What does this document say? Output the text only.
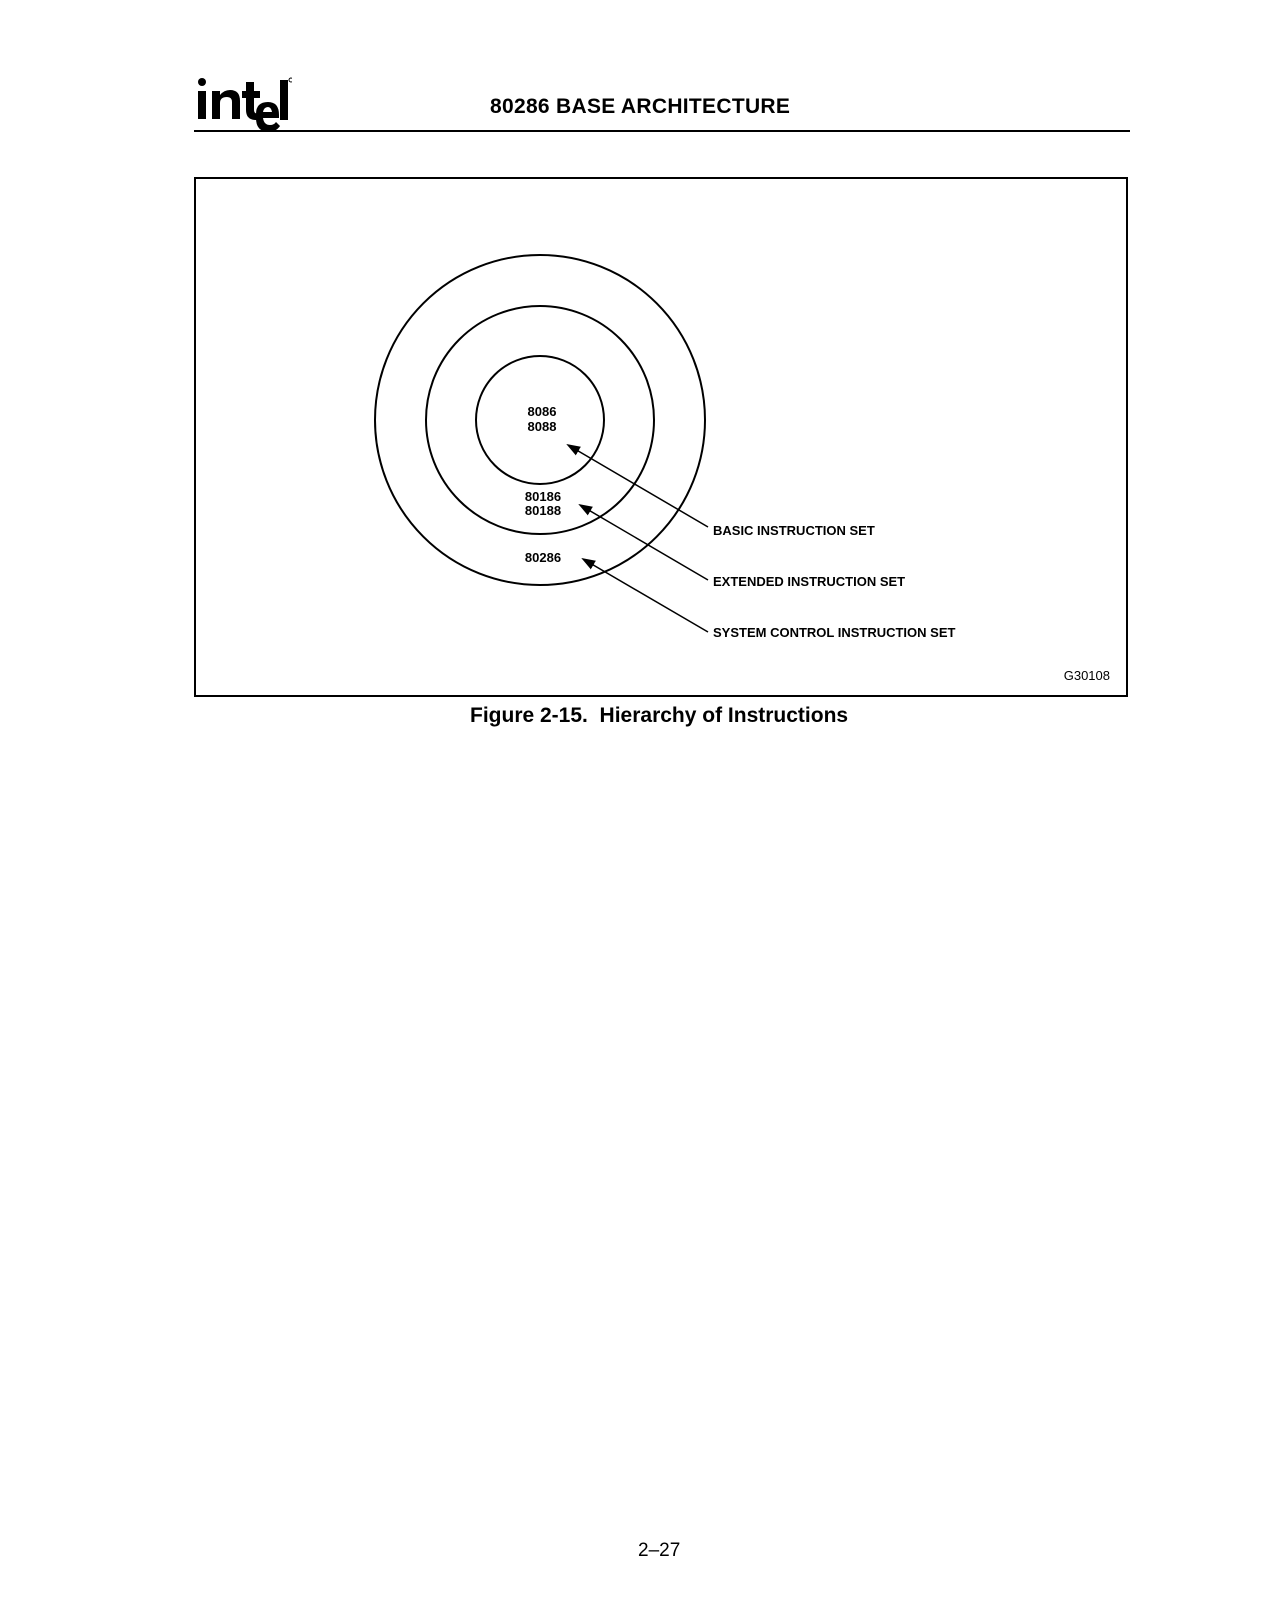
80286 BASE ARCHITECTURE
8086
8088
80186
80188
80286
BASIC INSTRUCTION SET
EXTENDED INSTRUCTION SET
SYSTEM CONTROL INSTRUCTION SET
G30108
Figure 2-15.  Hierarchy of Instructions
2–27
